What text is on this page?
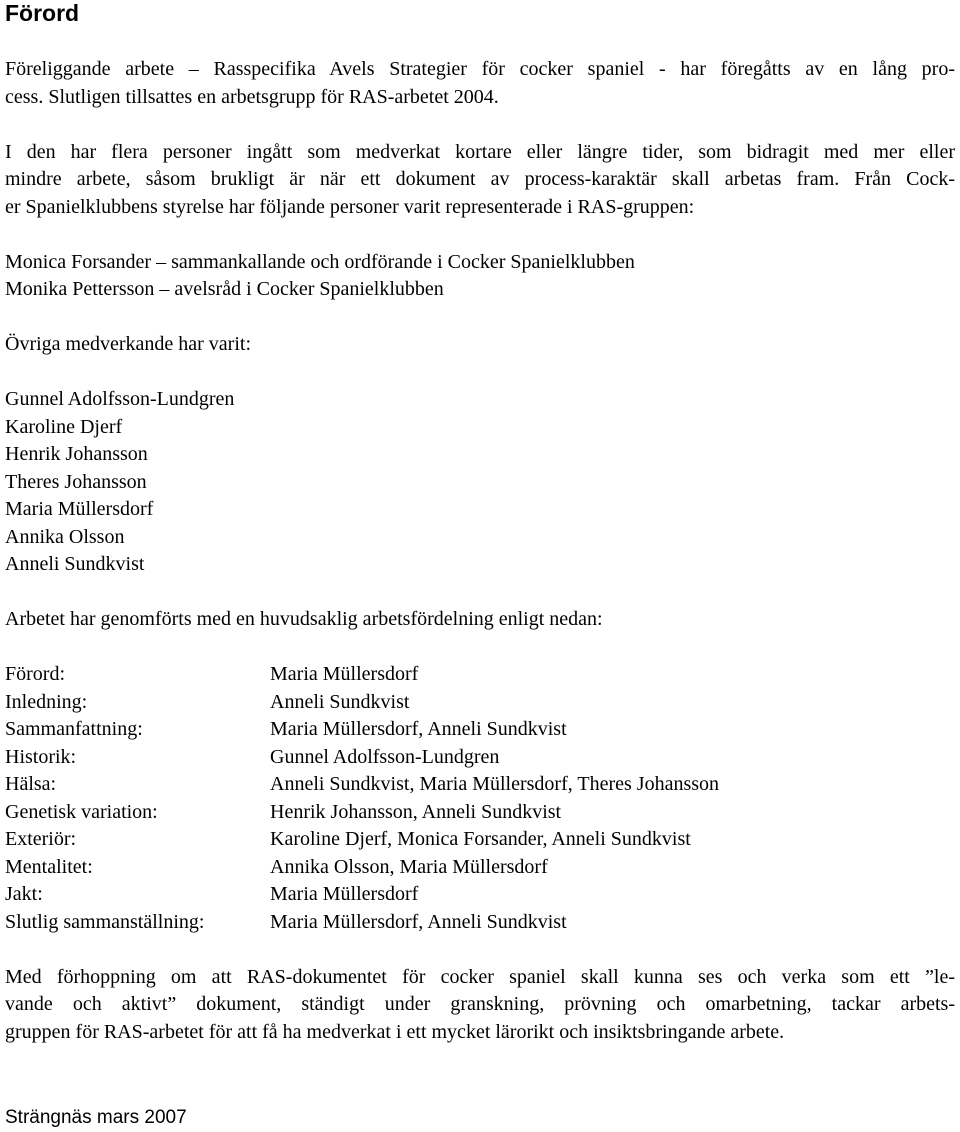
Förord

Föreliggande arbete – Rasspecifika Avels Strategier för cocker spaniel - har föregåtts av en lång pro-
cess. Slutligen tillsattes en arbetsgrupp för RAS-arbetet 2004.

I den har flera personer ingått som medverkat kortare eller längre tider, som bidragit med mer eller
mindre arbete, såsom brukligt är när ett dokument av process-karaktär skall arbetas fram. Från Cock-
er Spanielklubbens styrelse har följande personer varit representerade i RAS-gruppen:

Monica Forsander – sammankallande och ordförande i Cocker Spanielklubben
Monika Pettersson – avelsråd i Cocker Spanielklubben

Övriga medverkande har varit:

Gunnel Adolfsson-Lundgren
Karoline Djerf
Henrik Johansson
Theres Johansson
Maria Müllersdorf
Annika Olsson
Anneli Sundkvist

Arbetet har genomförts med en huvudsaklig arbetsfördelning enligt nedan:

Förord:	Maria Müllersdorf
Inledning:	Anneli Sundkvist
Sammanfattning:	Maria Müllersdorf, Anneli Sundkvist
Historik:	Gunnel Adolfsson-Lundgren
Hälsa:	Anneli Sundkvist, Maria Müllersdorf, Theres Johansson
Genetisk variation:	Henrik Johansson, Anneli Sundkvist
Exteriör:	Karoline Djerf, Monica Forsander, Anneli Sundkvist
Mentalitet:	Annika Olsson, Maria Müllersdorf
Jakt:	Maria Müllersdorf
Slutlig sammanställning:	Maria Müllersdorf, Anneli Sundkvist

Med förhoppning om att RAS-dokumentet för cocker spaniel skall kunna ses och verka som ett ”le-
vande och aktivt” dokument, ständigt under granskning, prövning och omarbetning, tackar arbets-
gruppen för RAS-arbetet för att få ha medverkat i ett mycket lärorikt och insiktsbringande arbete.

Strängnäs mars 2007
